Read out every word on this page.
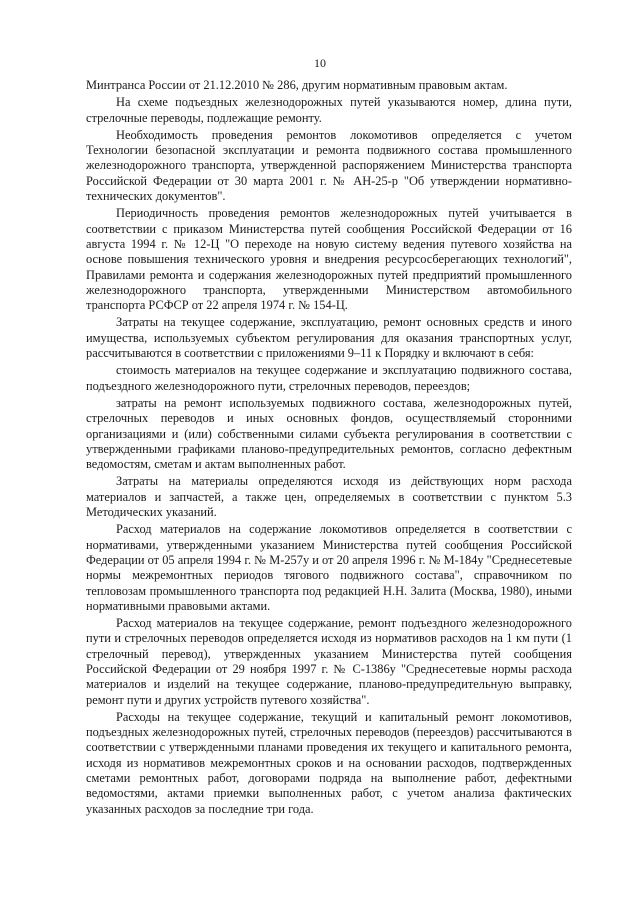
10

Минтранса России от 21.12.2010 № 286, другим нормативным правовым актам.

На схеме подъездных железнодорожных путей указываются номер, длина пути, стрелочные переводы, подлежащие ремонту.

Необходимость проведения ремонтов локомотивов определяется с учетом Технологии безопасной эксплуатации и ремонта подвижного состава промышленного железнодорожного транспорта, утвержденной распоряжением Министерства транспорта Российской Федерации от 30 марта 2001 г. № АН-25-р "Об утверждении нормативно-технических документов".

Периодичность проведения ремонтов железнодорожных путей учитывается в соответствии с приказом Министерства путей сообщения Российской Федерации от 16 августа 1994 г. № 12-Ц "О переходе на новую систему ведения путевого хозяйства на основе повышения технического уровня и внедрения ресурсосберегающих технологий", Правилами ремонта и содержания железнодорожных путей предприятий промышленного железнодорожного транспорта, утвержденными Министерством автомобильного транспорта РСФСР от 22 апреля 1974 г. № 154-Ц.

Затраты на текущее содержание, эксплуатацию, ремонт основных средств и иного имущества, используемых субъектом регулирования для оказания транспортных услуг, рассчитываются в соответствии с приложениями 9–11 к Порядку и включают в себя:

стоимость материалов на текущее содержание и эксплуатацию подвижного состава, подъездного железнодорожного пути, стрелочных переводов, переездов;

затраты на ремонт используемых подвижного состава, железнодорожных путей, стрелочных переводов и иных основных фондов, осуществляемый сторонними организациями и (или) собственными силами субъекта регулирования в соответствии с утвержденными графиками планово-предупредительных ремонтов, согласно дефектным ведомостям, сметам и актам выполненных работ.

Затраты на материалы определяются исходя из действующих норм расхода материалов и запчастей, а также цен, определяемых в соответствии с пунктом 5.3 Методических указаний.

Расход материалов на содержание локомотивов определяется в соответствии с нормативами, утвержденными указанием Министерства путей сообщения Российской Федерации от 05 апреля 1994 г. № М-257у и от 20 апреля 1996 г. № М-184у "Среднесетевые нормы межремонтных периодов тягового подвижного состава", справочником по тепловозам промышленного транспорта под редакцией Н.Н. Залита (Москва, 1980), иными нормативными правовыми актами.

Расход материалов на текущее содержание, ремонт подъездного железнодорожного пути и стрелочных переводов определяется исходя из нормативов расходов на 1 км пути (1 стрелочный перевод), утвержденных указанием Министерства путей сообщения Российской Федерации от 29 ноября 1997 г. № С-1386у "Среднесетевые нормы расхода материалов и изделий на текущее содержание, планово-предупредительную выправку, ремонт пути и других устройств путевого хозяйства".

Расходы на текущее содержание, текущий и капитальный ремонт локомотивов, подъездных железнодорожных путей, стрелочных переводов (переездов) рассчитываются в соответствии с утвержденными планами проведения их текущего и капитального ремонта, исходя из нормативов межремонтных сроков и на основании расходов, подтвержденных сметами ремонтных работ, договорами подряда на выполнение работ, дефектными ведомостями, актами приемки выполненных работ, с учетом анализа фактических указанных расходов за последние три года.
